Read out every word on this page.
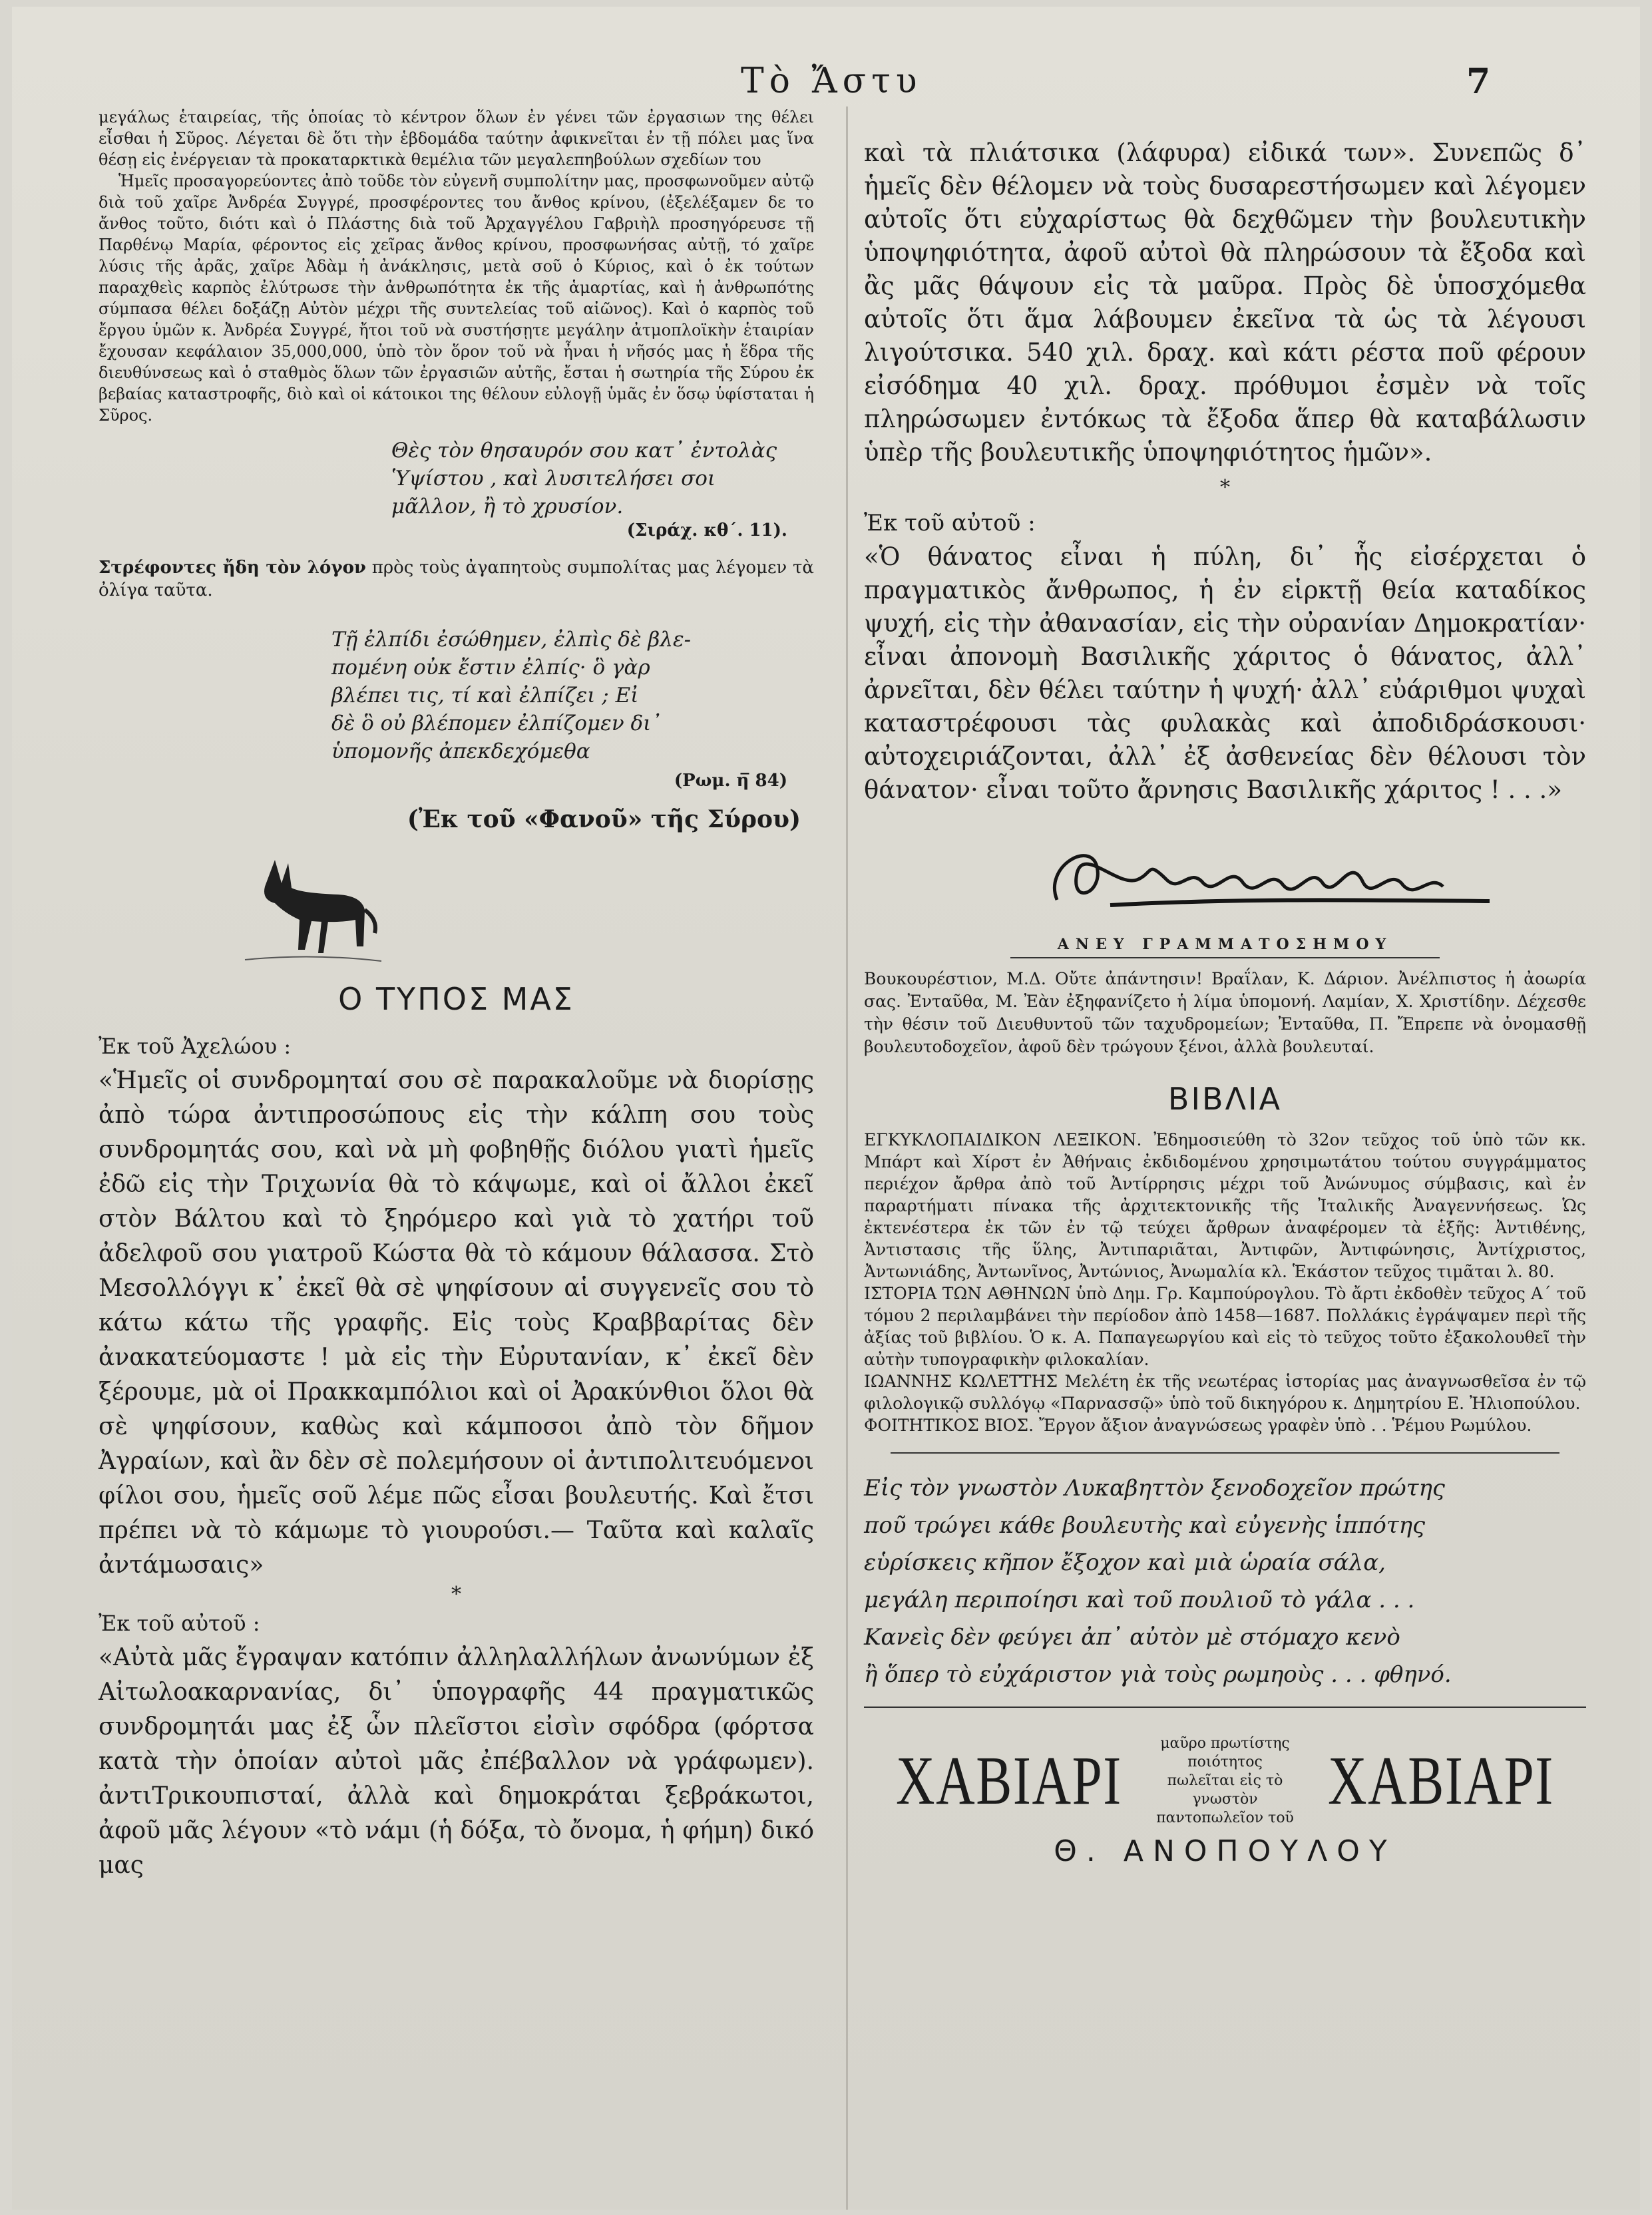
Τὸ Ἄστυ	7

μεγάλως ἑταιρείας, τῆς ὁποίας τὸ κέντρον ὅλων ἐν γένει τῶν ἐργασιων της θέλει εἶσθαι ἡ Σῦρος. Λέγεται δὲ ὅτι τὴν ἑβδομάδα ταύτην ἀφικνεῖται ἐν τῇ πόλει μας ἵνα θέσῃ εἰς ἐνέργειαν τὰ προκαταρκτικὰ θεμέλια τῶν μεγαλεπηβούλων σχεδίων του

Ἡμεῖς προσαγορεύοντες ἀπὸ τοῦδε τὸν εὐγενῆ συμπολίτην μας, προσφωνοῦμεν αὐτῷ διὰ τοῦ χαῖρε Ἀνδρέα Συγγρέ, προσφέροντες του ἄνθος κρίνου, (ἐξελέξαμεν δε το ἄνθος τοῦτο, διότι καὶ ὁ Πλάστης διὰ τοῦ Ἀρχαγγέλου Γαβριὴλ προσηγόρευσε τῇ Παρθένῳ Μαρία, φέροντος εἰς χεῖρας ἄνθος κρίνου, προσφωνήσας αὐτῇ, τό χαῖρε λύσις τῆς ἀρᾶς, χαῖρε Ἀδὰμ ἡ ἀνάκλησις, μετὰ σοῦ ὁ Κύριος, καὶ ὁ ἐκ τούτων παραχθεὶς καρπὸς ἐλύτρωσε τὴν ἀνθρωπότητα ἐκ τῆς ἁμαρτίας, καὶ ἡ ἀνθρωπότης σύμπασα θέλει δοξάζῃ Αὐτὸν μέχρι τῆς συντελείας τοῦ αἰῶνος). Καὶ ὁ καρπὸς τοῦ ἔργου ὑμῶν κ. Ἀνδρέα Συγγρέ, ἤτοι τοῦ νὰ συστήσῃτε μεγάλην ἀτμοπλοϊκὴν ἑταιρίαν ἔχουσαν κεφάλαιον 35,000,000, ὑπὸ τὸν ὅρον τοῦ νὰ ἦναι ἡ νῆσός μας ἡ ἕδρα τῆς διευθύνσεως καὶ ὁ σταθμὸς ὅλων τῶν ἐργασιῶν αὐτῆς, ἔσται ἡ σωτηρία τῆς Σύρου ἐκ βεβαίας καταστροφῆς, διὸ καὶ οἱ κάτοικοι της θέλουν εὐλογῇ ὑμᾶς ἐν ὅσῳ ὑφίσταται ἡ Σῦρος.

Θὲς τὸν θησαυρόν σου κατ᾽ ἐντολὰς
Ὑψίστου , καὶ λυσιτελήσει σοι
μᾶλλον, ἢ τὸ χρυσίον.
(Σιράχ. κθ´. 11).

Στρέφοντες ἤδη τὸν λόγον πρὸς τοὺς ἀγαπητοὺς συμπολίτας μας λέγομεν τὰ ὀλίγα ταῦτα.

Τῇ ἐλπίδι ἐσώθημεν, ἐλπὶς δὲ βλε-
πομένη οὐκ ἔστιν ἐλπίς· ὃ γὰρ
βλέπει τις, τί καὶ ἐλπίζει ; Εἰ
δὲ ὃ οὐ βλέπομεν ἐλπίζομεν δι᾽
ὑπομονῆς ἀπεκδεχόμεθα
(Ρωμ. η̅ 84)
(Ἐκ τοῦ «Φανοῦ» τῆς Σύρου)
Ο ΤΥΠΟΣ ΜΑΣ

Ἐκ τοῦ Ἀχελώου :

«Ἡμεῖς οἱ συνδρομηταί σου σὲ παρακαλοῦμε νὰ διορίσῃς ἀπὸ τώρα ἀντιπροσώπους εἰς τὴν κάλπη σου τοὺς συνδρομητάς σου, καὶ νὰ μὴ φοβηθῇς διόλου γιατὶ ἡμεῖς ἐδῶ εἰς τὴν Τριχωνία θὰ τὸ κάψωμε, καὶ οἱ ἄλλοι ἐκεῖ στὸν Βάλτου καὶ τὸ ξηρόμερο καὶ γιὰ τὸ χατήρι τοῦ ἀδελφοῦ σου γιατροῦ Κώστα θὰ τὸ κάμουν θάλασσα. Στὸ Μεσολλόγγι κ᾽ ἐκεῖ θὰ σὲ ψηφίσουν αἱ συγγενεῖς σου τὸ κάτω κάτω τῆς γραφῆς. Εἰς τοὺς Κραββαρίτας δὲν ἀνακατεύομαστε ! μὰ εἰς τὴν Εὐρυτανίαν, κ᾽ ἐκεῖ δὲν ξέρουμε, μὰ οἱ Πρακκαμπόλιοι καὶ οἱ Ἀρακύνθιοι ὅλοι θὰ σὲ ψηφίσουν, καθὼς καὶ κάμποσοι ἀπὸ τὸν δῆμον Ἀγραίων, καὶ ἂν δὲν σὲ πολεμήσουν οἱ ἀντιπολιτευόμενοι φίλοι σου, ἡμεῖς σοῦ λέμε πῶς εἶσαι βουλευτής. Καὶ ἔτσι πρέπει νὰ τὸ κάμωμε τὸ γιουρούσι.— Ταῦτα καὶ καλαῖς ἀντάμωσαις»

*

Ἐκ τοῦ αὐτοῦ :

«Αὐτὰ μᾶς ἔγραψαν κατόπιν ἀλληλαλλήλων ἀνωνύμων ἐξ Αἰτωλοακαρνανίας, δι᾽ ὑπογραφῆς 44 πραγματικῶς συνδρομητάι μας ἐξ ὧν πλεῖστοι εἰσὶν σφόδρα (φόρτσα κατὰ τὴν ὁποίαν αὐτοὶ μᾶς ἐπέβαλλον νὰ γράφωμεν). ἀντιΤρικουπισταί, ἀλλὰ καὶ δημοκράται ξεβράκωτοι, ἀφοῦ μᾶς λέγουν «τὸ νάμι (ἡ δόξα, τὸ ὄνομα, ἡ φήμη) δικό μας

καὶ τὰ πλιάτσικα (λάφυρα) εἰδικά των». Συνεπῶς δ᾽ ἡμεῖς δὲν θέλομεν νὰ τοὺς δυσαρεστήσωμεν καὶ λέγομεν αὐτοῖς ὅτι εὐχαρίστως θὰ δεχθῶμεν τὴν βουλευτικὴν ὑποψηφιότητα, ἀφοῦ αὐτοὶ θὰ πληρώσουν τὰ ἔξοδα καὶ ἂς μᾶς θάψουν εἰς τὰ μαῦρα. Πρὸς δὲ ὑποσχόμεθα αὐτοῖς ὅτι ἅμα λάβουμεν ἐκεῖνα τὰ ὡς τὰ λέγουσι λιγούτσικα. 540 χιλ. δραχ. καὶ κάτι ρέστα ποῦ φέρουν εἰσόδημα 40 χιλ. δραχ. πρόθυμοι ἐσμὲν νὰ τοῖς πληρώσωμεν ἐντόκως τὰ ἔξοδα ἅπερ θὰ καταβάλωσιν ὑπὲρ τῆς βουλευτικῆς ὑποψηφιότητος ἡμῶν».

*

Ἐκ τοῦ αὐτοῦ :

«Ὁ θάνατος εἶναι ἡ πύλη, δι᾽ ἧς εἰσέρχεται ὁ πραγματικὸς ἄνθρωπος, ἡ ἐν εἱρκτῇ θεία καταδίκος ψυχή, εἰς τὴν ἀθανασίαν, εἰς τὴν οὐρανίαν Δημοκρατίαν· εἶναι ἀπονομὴ Βασιλικῆς χάριτος ὁ θάνατος, ἀλλ᾽ ἀρνεῖται, δὲν θέλει ταύτην ἡ ψυχή· ἀλλ᾽ εὐάριθμοι ψυχαὶ καταστρέφουσι τὰς φυλακὰς καὶ ἀποδιδράσκουσι· αὐτοχειριάζονται, ἀλλ᾽ ἐξ ἀσθενείας δὲν θέλουσι τὸν θάνατον· εἶναι τοῦτο ἄρνησις Βασιλικῆς χάριτος ! . . .»

ΑΝΕΥ ΓΡΑΜΜΑΤΟΣΗΜΟΥ

Βουκουρέστιον, Μ.Δ. Οὔτε ἀπάντησιν! Βραΐλαν, Κ. Δάριον. Ἀνέλπιστος ἡ ἀοωρία σας. Ἐνταῦθα, Μ. Ἐὰν ἐξηφανίζετο ἡ λίμα ὑπομονή. Λαμίαν, Χ. Χριστίδην. Δέχεσθε τὴν θέσιν τοῦ Διευθυντοῦ τῶν ταχυδρομείων; Ἐνταῦθα, Π. Ἔπρεπε νὰ ὀνομασθῇ βουλευτοδοχεῖον, ἀφοῦ δὲν τρώγουν ξένοι, ἀλλὰ βουλευταί.

ΒΙΒΛΙΑ

ΕΓΚΥΚΛΟΠΑΙΔΙΚΟΝ ΛΕΞΙΚΟΝ. Ἐδημοσιεύθη τὸ 32ον τεῦχος τοῦ ὑπὸ τῶν κκ. Μπάρτ καὶ Χίρστ ἐν Ἀθήναις ἐκδιδομένου χρησιμωτάτου τούτου συγγράμματος περιέχον ἄρθρα ἀπὸ τοῦ Ἀντίρρησις μέχρι τοῦ Ἀνώνυμος σύμβασις, καὶ ἐν παραρτήματι πίνακα τῆς ἀρχιτεκτονικῆς τῆς Ἰταλικῆς Ἀναγεννήσεως. Ὡς ἐκτενέστερα ἐκ τῶν ἐν τῷ τεύχει ἄρθρων ἀναφέρομεν τὰ ἑξῆς: Ἀντιθένης, Ἀντιστασις τῆς ὕλης, Ἀντιπαριᾶται, Ἀντιφῶν, Ἀντιφώνησις, Ἀντίχριστος, Ἀντωνιάδης, Ἀντωνῖνος, Ἀντώνιος, Ἀνωμαλία κλ. Ἑκάστον τεῦχος τιμᾶται λ. 80.

ΙΣΤΟΡΙΑ ΤΩΝ ΑΘΗΝΩΝ ὑπὸ Δημ. Γρ. Καμπούρογλου. Τὸ ἄρτι ἐκδοθὲν τεῦχος Α´ τοῦ τόμου 2 περιλαμβάνει τὴν περίοδον ἀπὸ 1458—1687. Πολλάκις ἐγράψαμεν περὶ τῆς ἀξίας τοῦ βιβλίου. Ὁ κ. Α. Παπαγεωργίου καὶ εἰς τὸ τεῦχος τοῦτο ἐξακολουθεῖ τὴν αὐτὴν τυπογραφικὴν φιλοκαλίαν.

ΙΩΑΝΝΗΣ ΚΩΛΕΤΤΗΣ Μελέτη ἐκ τῆς νεωτέρας ἱστορίας μας ἀναγνωσθεῖσα ἐν τῷ φιλολογικῷ συλλόγῳ «Παρνασσῷ» ὑπὸ τοῦ δικηγόρου κ. Δημητρίου Ε. Ἠλιοπούλου.

ΦΟΙΤΗΤΙΚΟΣ ΒΙΟΣ. Ἔργον ἄξιον ἀναγνώσεως γραφὲν ὑπὸ . . Ῥέμου Ρωμύλου.

Εἰς τὸν γνωστὸν Λυκαβηττὸν ξενοδοχεῖον πρώτης
ποῦ τρώγει κάθε βουλευτὴς καὶ εὐγενὴς ἱππότης
εὑρίσκεις κῆπον ἔξοχον καὶ μιὰ ὡραία σάλα,
μεγάλη περιποίησι καὶ τοῦ πουλιοῦ τὸ γάλα . . .
Κανεὶς δὲν φεύγει ἀπ᾽ αὐτὸν μὲ στόμαχο κενὸ
ἢ ὅπερ τὸ εὐχάριστον γιὰ τοὺς ρωμηοὺς . . . φθηνό.
ΧΑΒΙΑΡΙ	μαῦρο πρωτίστης ποιότητος πωλεῖται εἰς τὸ γνωστὸν παντοπωλεῖον τοῦ ΧΑΒΙΑΡΙ
Θ. ΑΝΟΠΟΥΛΟΥ
